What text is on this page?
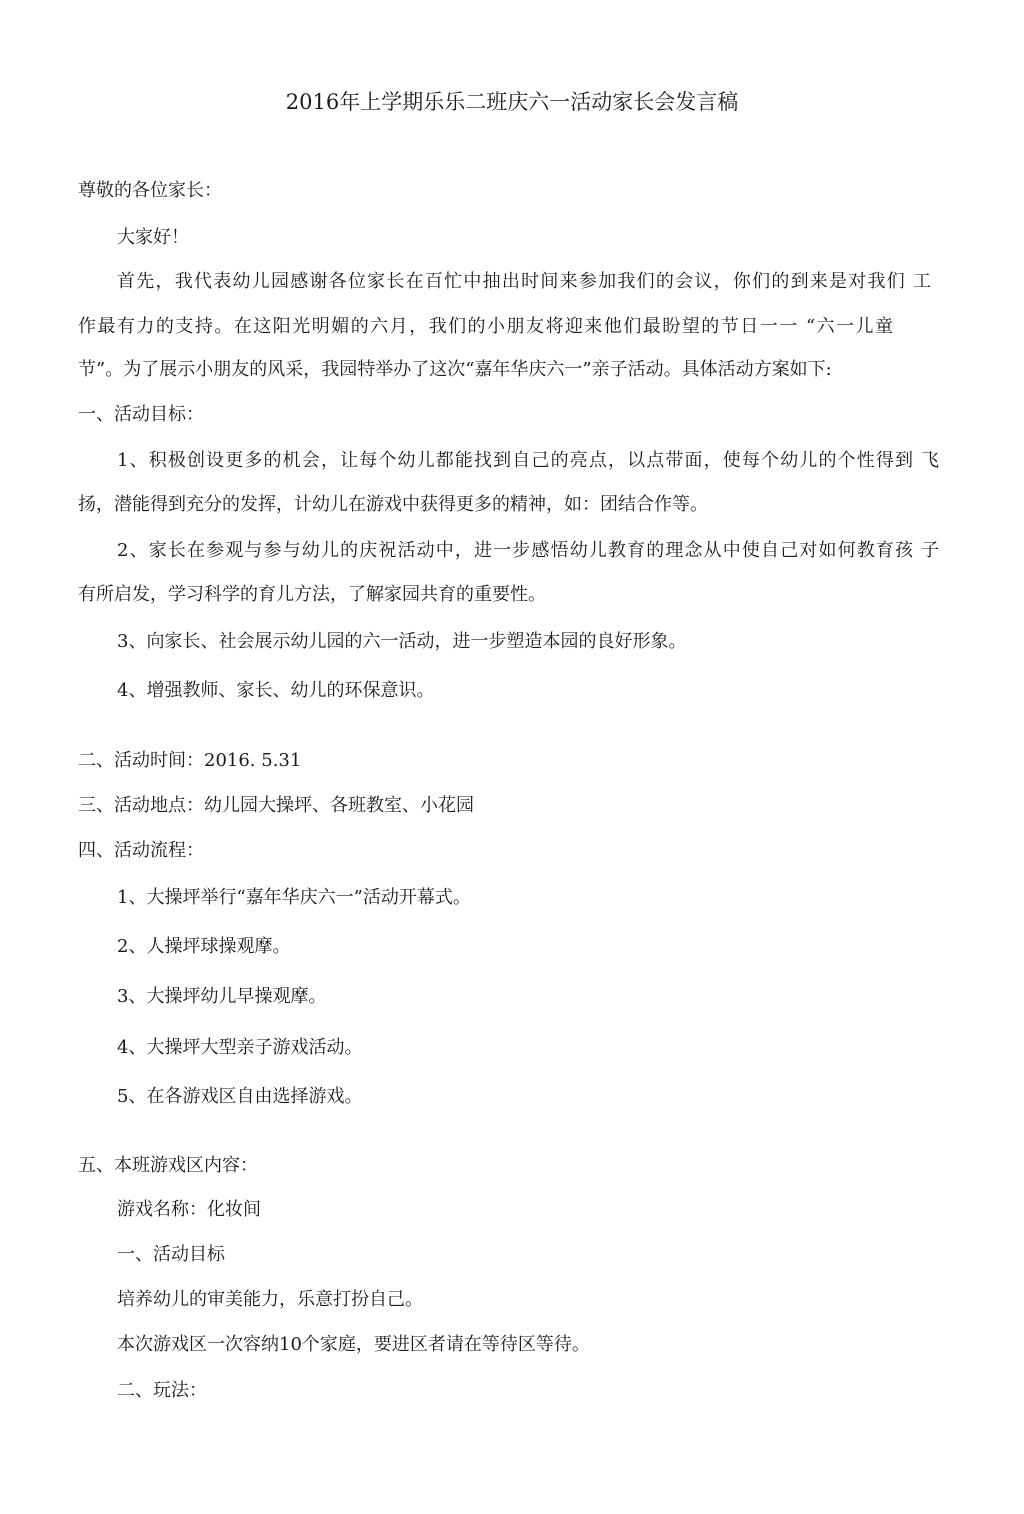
2016年上学期乐乐二班庆六一活动家长会发言稿

尊敬的各位家长：

大家好！

首先，我代表幼儿园感谢各位家长在百忙中抽出时间来参加我们的会议，你们的到来是对我们 工

作最有力的支持。在这阳光明媚的六月，我们的小朋友将迎来他们最盼望的节日一一 “六一儿童

节”。为了展示小朋友的风采，我园特举办了这次“嘉年华庆六一”亲子活动。具体活动方案如下:

一、活动目标：

1、积极创设更多的机会，让每个幼儿都能找到自己的亮点，以点带面，使每个幼儿的个性得到 飞

扬，潜能得到充分的发挥，计幼儿在游戏中获得更多的精神，如：团结合作等。

2、家长在参观与参与幼儿的庆祝活动中，进一步感悟幼儿教育的理念从中使自己对如何教育孩 子

有所启发，学习科学的育儿方法，了解家园共育的重要性。

3、向家长、社会展示幼儿园的六一活动，进一步塑造本园的良好形象。

4、增强教师、家长、幼儿的环保意识。

二、活动时间：2016. 5.31

三、活动地点：幼儿园大操坪、各班教室、小花园

四、活动流程：

1、大操坪举行“嘉年华庆六一”活动开幕式。

2、人操坪球操观摩。

3、大操坪幼儿早操观摩。

4、大操坪大型亲子游戏活动。

5、在各游戏区自由选择游戏。

五、本班游戏区内容：

游戏名称：化妆间

一、活动目标

培养幼儿的审美能力，乐意打扮自己。

本次游戏区一次容纳10个家庭，要进区者请在等待区等待。

二、玩法：
